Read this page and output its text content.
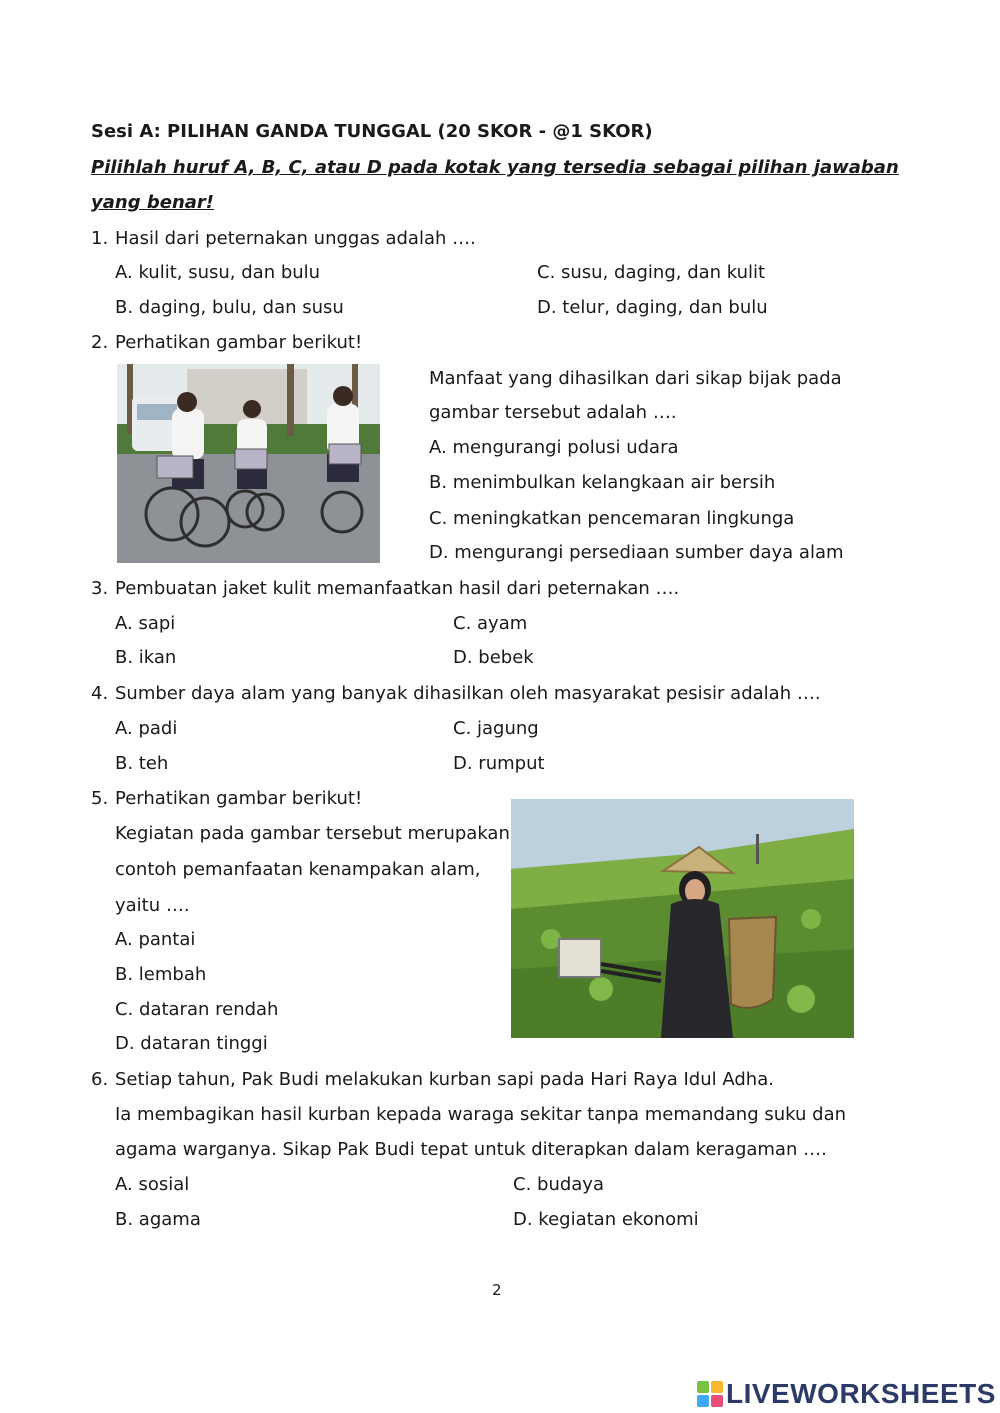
Sesi A: PILIHAN GANDA TUNGGAL (20 SKOR - @1 SKOR)
Pilihlah huruf A, B, C, atau D pada kotak yang tersedia sebagai pilihan jawaban
yang benar!
1. Hasil dari peternakan unggas adalah ….
A. kulit, susu, dan bulu
B. daging, bulu, dan susu
C. susu, daging, dan kulit
D. telur, daging, dan bulu
2. Perhatikan gambar berikut!
Manfaat yang dihasilkan dari sikap bijak pada
gambar tersebut adalah ….
A. mengurangi polusi udara
B. menimbulkan kelangkaan air bersih
C. meningkatkan pencemaran lingkunga
D. mengurangi persediaan sumber daya alam
3. Pembuatan jaket kulit memanfaatkan hasil dari peternakan ….
A. sapi
B. ikan
C. ayam
D. bebek
4. Sumber daya alam yang banyak dihasilkan oleh masyarakat pesisir adalah ….
A. padi
B. teh
C. jagung
D. rumput
5. Perhatikan gambar berikut!
Kegiatan pada gambar tersebut merupakan
contoh pemanfaatan kenampakan alam,
yaitu ….
A. pantai
B. lembah
C. dataran rendah
D. dataran tinggi
6. Setiap tahun, Pak Budi melakukan kurban sapi pada Hari Raya Idul Adha.
Ia membagikan hasil kurban kepada waraga sekitar tanpa memandang suku dan
agama warganya. Sikap Pak Budi tepat untuk diterapkan dalam keragaman ….
A. sosial
B. agama
C. budaya
D. kegiatan ekonomi
2
LIVEWORKSHEETS
